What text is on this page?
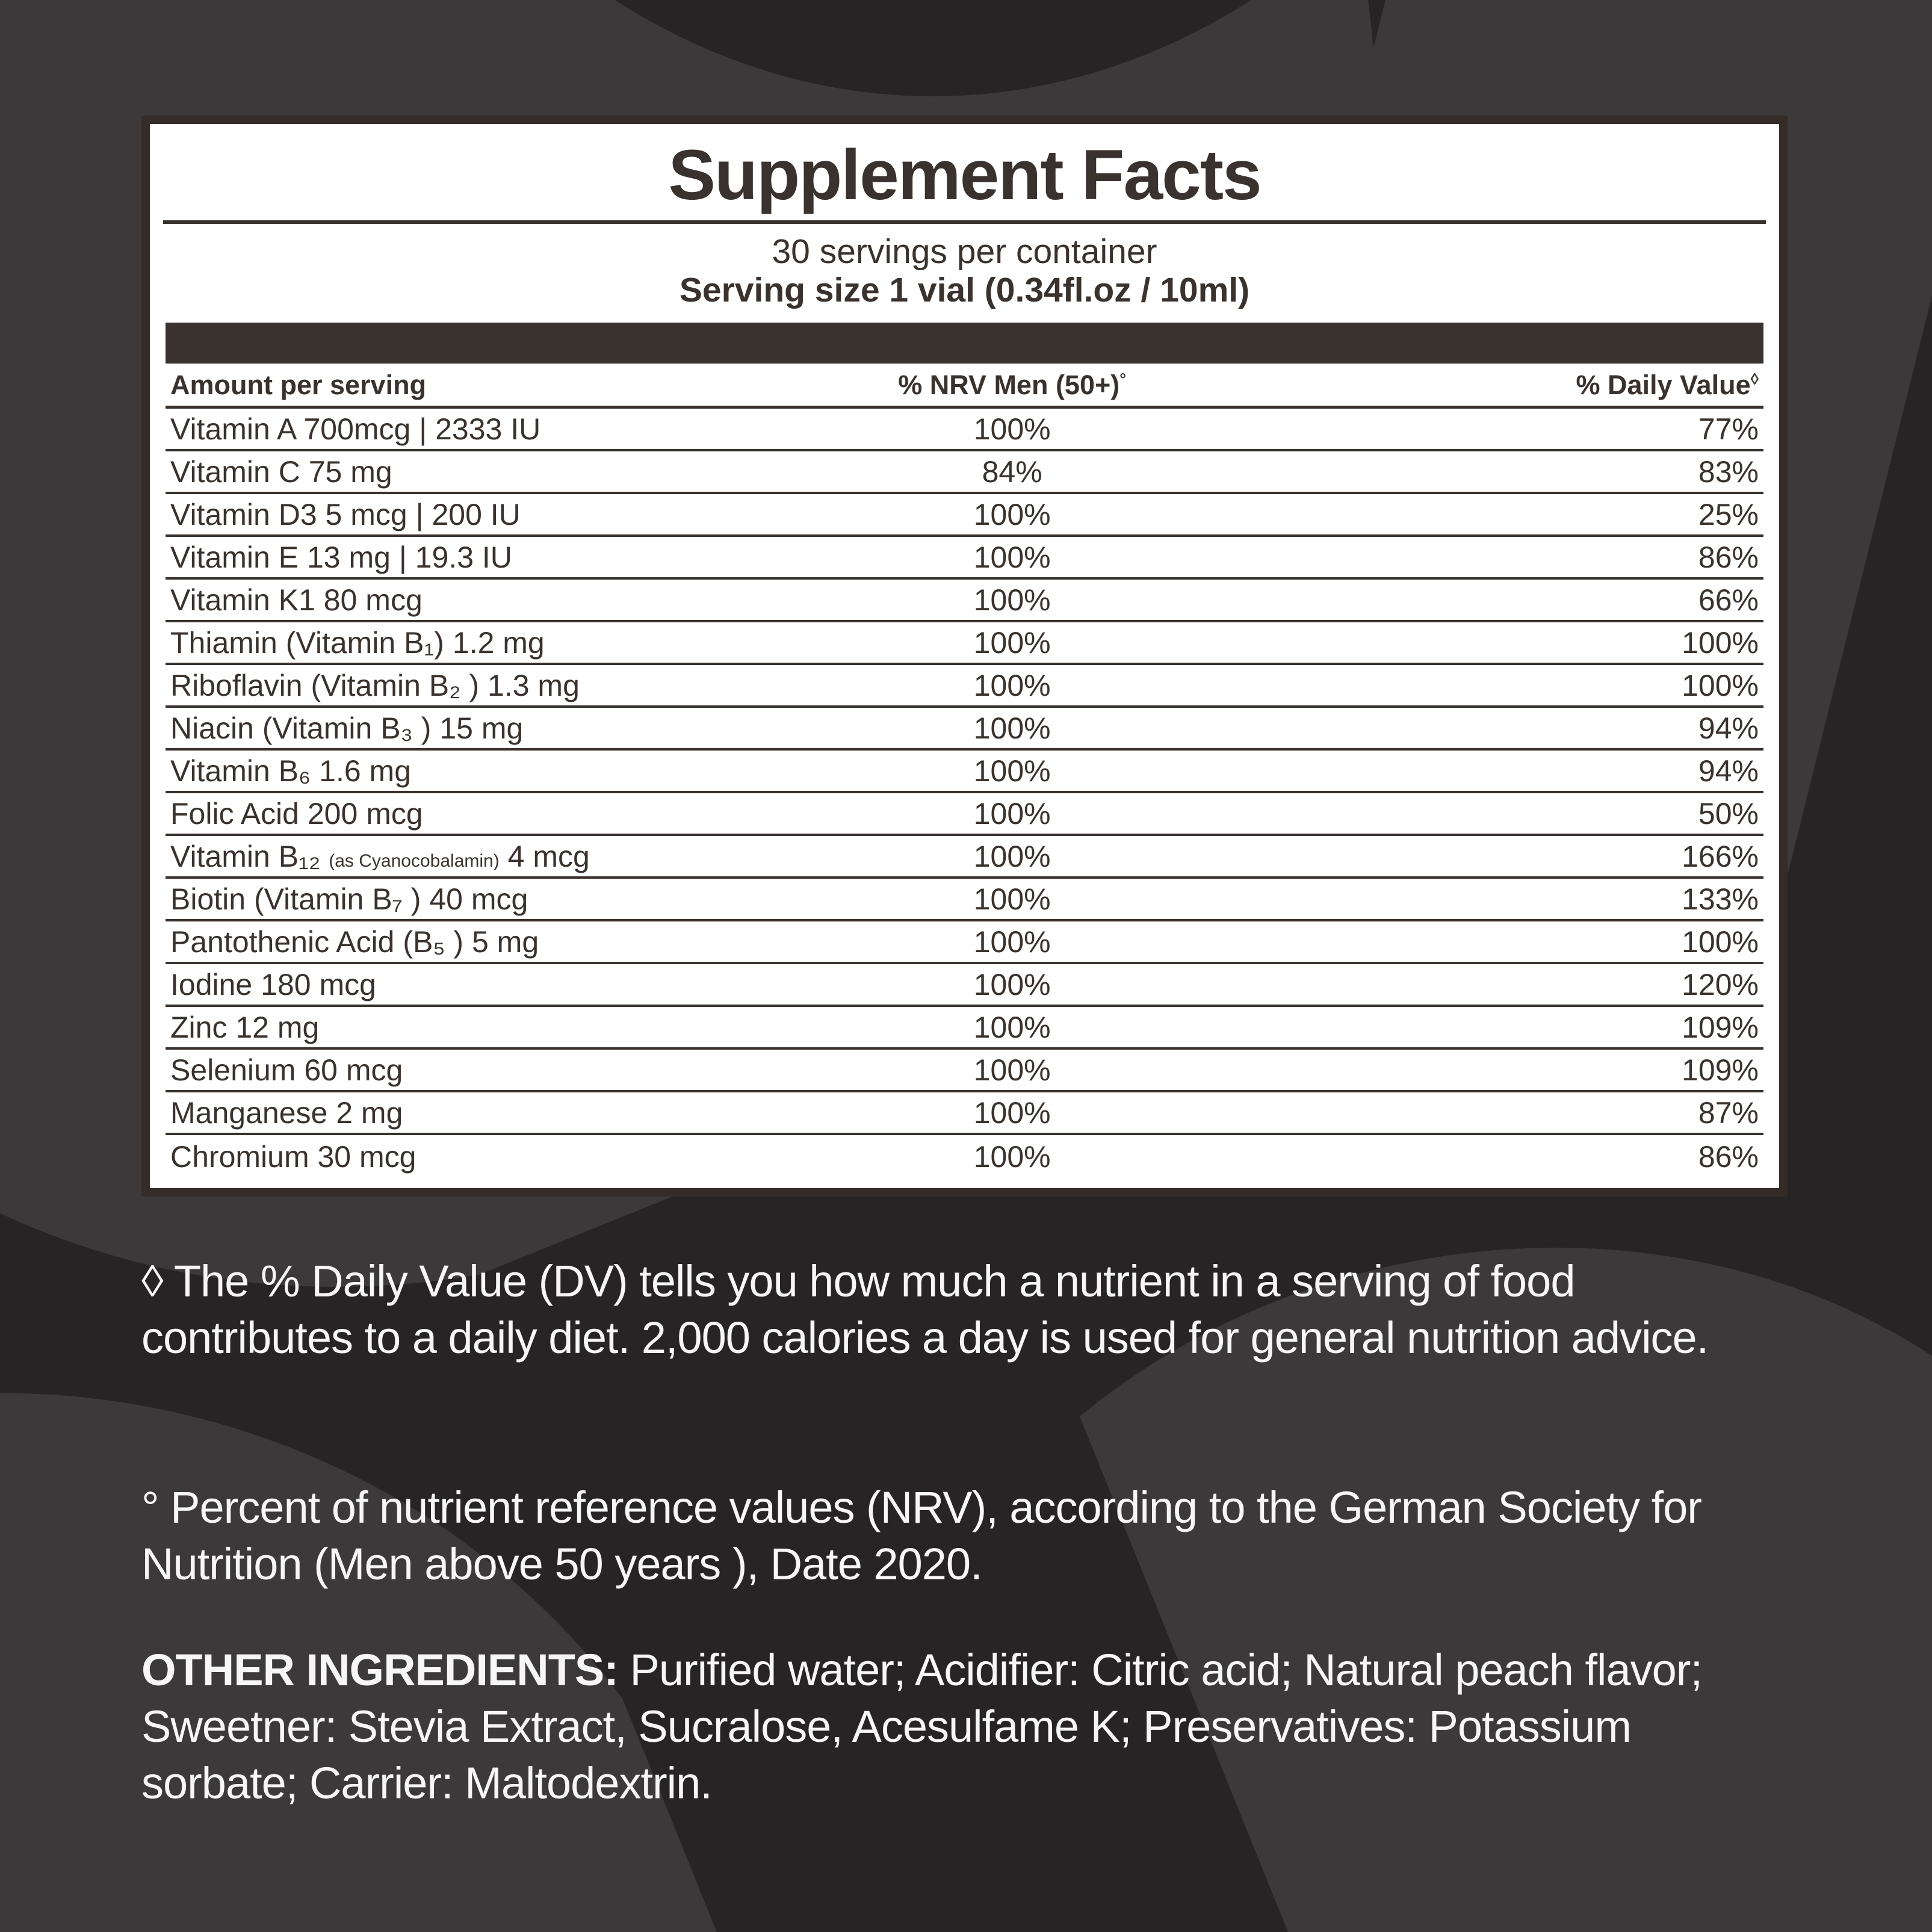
Supplement Facts
30 servings per container
Serving size 1 vial (0.34fl.oz / 10ml)
Amount per serving	% NRV Men (50+)°	% Daily Value◊
Vitamin A 700mcg | 2333 IU	100%	77%
Vitamin C 75 mg	84%	83%
Vitamin D3 5 mcg | 200 IU	100%	25%
Vitamin E 13 mg | 19.3 IU	100%	86%
Vitamin K1 80 mcg	100%	66%
Thiamin (Vitamin B₁) 1.2 mg	100%	100%
Riboflavin (Vitamin B₂ ) 1.3 mg	100%	100%
Niacin (Vitamin B₃ ) 15 mg	100%	94%
Vitamin B₆ 1.6 mg	100%	94%
Folic Acid 200 mcg	100%	50%
Vitamin B₁₂ (as Cyanocobalamin) 4 mcg	100%	166%
Biotin (Vitamin B₇ ) 40 mcg	100%	133%
Pantothenic Acid (B₅ ) 5 mg	100%	100%
Iodine 180 mcg	100%	120%
Zinc 12 mg	100%	109%
Selenium 60 mcg	100%	109%
Manganese 2 mg	100%	87%
Chromium 30 mcg	100%	86%

◊ The % Daily Value (DV) tells you how much a nutrient in a serving of food contributes to a daily diet. 2,000 calories a day is used for general nutrition advice.

° Percent of nutrient reference values (NRV), according to the German Society for Nutrition (Men above 50 years ), Date 2020.

OTHER INGREDIENTS: Purified water; Acidifier: Citric acid; Natural peach flavor; Sweetner: Stevia Extract, Sucralose, Acesulfame K; Preservatives: Potassium sorbate; Carrier: Maltodextrin.
